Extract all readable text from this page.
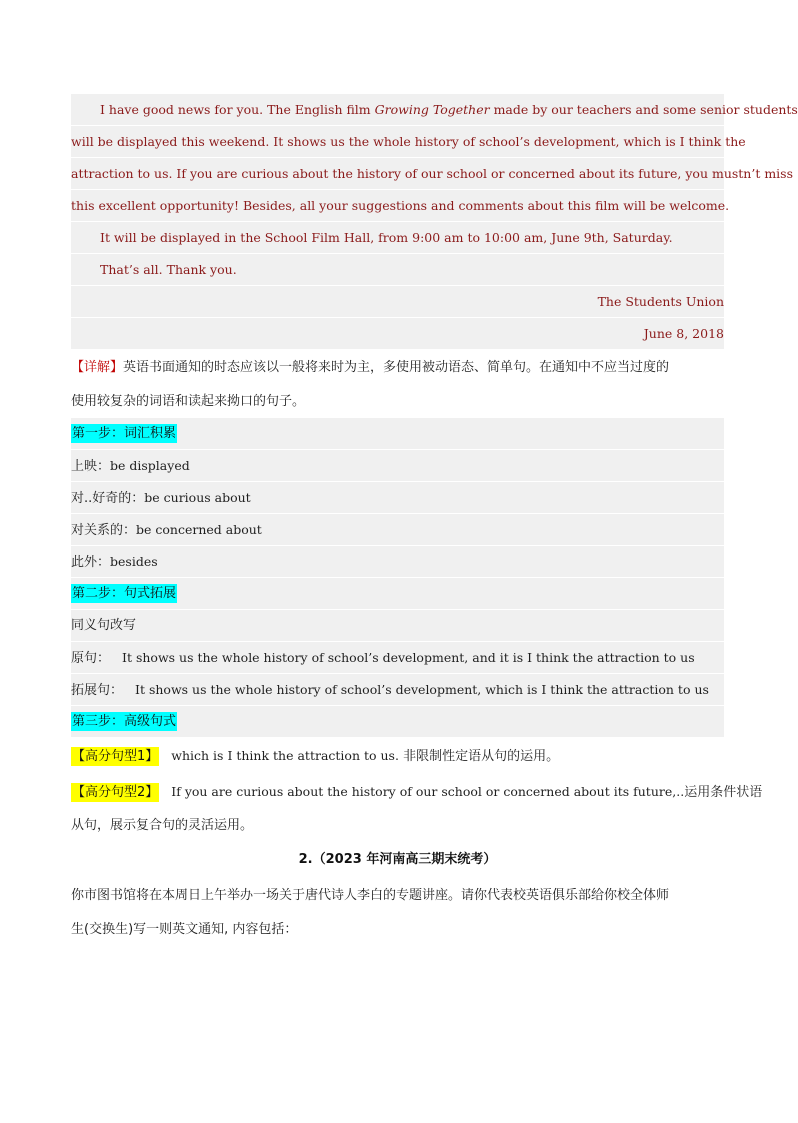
I have good news for you. The English film Growing Together made by our teachers and some senior students
will be displayed this weekend. It shows us the whole history of school’s development, which is I think the
attraction to us. If you are curious about the history of our school or concerned about its future, you mustn’t miss
this excellent opportunity! Besides, all your suggestions and comments about this film will be welcome.
It will be displayed in the School Film Hall, from 9:00 am to 10:00 am, June 9th, Saturday.
That’s all. Thank you.
The Students Union
June 8, 2018
【详解】英语书面通知的时态应该以一般将来时为主，多使用被动语态、简单句。在通知中不应当过度的
使用较复杂的词语和读起来拗口的句子。
第一步：词汇积累
上映：be displayed
对..好奇的：be curious about
对关系的：be concerned about
此外：besides
第二步：句式拓展
同义句改写
原句： It shows us the whole history of school’s development, and it is I think the attraction to us
拓展句： It shows us the whole history of school’s development, which is I think the attraction to us
第三步：高级句式
【高分句型1】 which is I think the attraction to us. 非限制性定语从句的运用。
【高分句型2】 If you are curious about the history of our school or concerned about its future,..运用条件状语
从句，展示复合句的灵活运用。
2.（2023 年河南高三期末统考）
你市图书馆将在本周日上午举办一场关于唐代诗人李白的专题讲座。请你代表校英语俱乐部给你校全体师
生(交换生)写一则英文通知, 内容包括：
